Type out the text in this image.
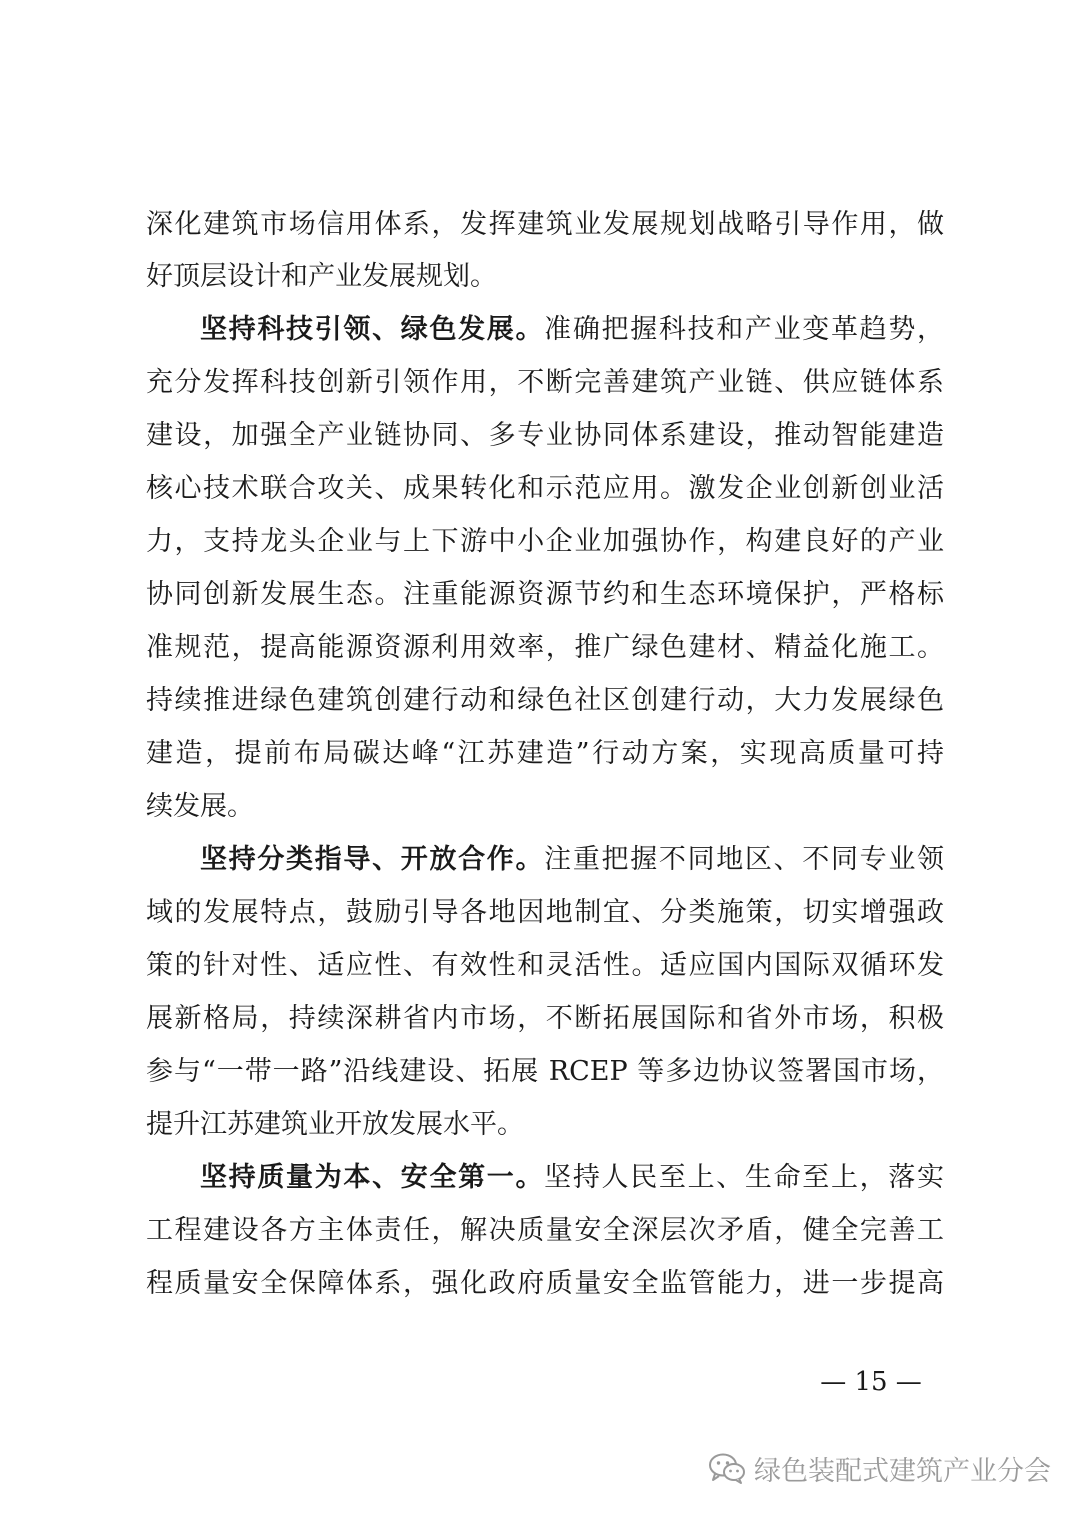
深化建筑市场信用体系，发挥建筑业发展规划战略引导作用，做
好顶层设计和产业发展规划。
坚持科技引领、绿色发展。准确把握科技和产业变革趋势，
充分发挥科技创新引领作用，不断完善建筑产业链、供应链体系
建设，加强全产业链协同、多专业协同体系建设，推动智能建造
核心技术联合攻关、成果转化和示范应用。激发企业创新创业活
力，支持龙头企业与上下游中小企业加强协作，构建良好的产业
协同创新发展生态。注重能源资源节约和生态环境保护，严格标
准规范，提高能源资源利用效率，推广绿色建材、精益化施工。
持续推进绿色建筑创建行动和绿色社区创建行动，大力发展绿色
建造，提前布局碳达峰“江苏建造”行动方案，实现高质量可持
续发展。
坚持分类指导、开放合作。注重把握不同地区、不同专业领
域的发展特点，鼓励引导各地因地制宜、分类施策，切实增强政
策的针对性、适应性、有效性和灵活性。适应国内国际双循环发
展新格局，持续深耕省内市场，不断拓展国际和省外市场，积极
参与“一带一路”沿线建设、拓展 RCEP 等多边协议签署国市场，
提升江苏建筑业开放发展水平。
坚持质量为本、安全第一。坚持人民至上、生命至上，落实
工程建设各方主体责任，解决质量安全深层次矛盾，健全完善工
程质量安全保障体系，强化政府质量安全监管能力，进一步提高
— 15 —
绿色装配式建筑产业分会
